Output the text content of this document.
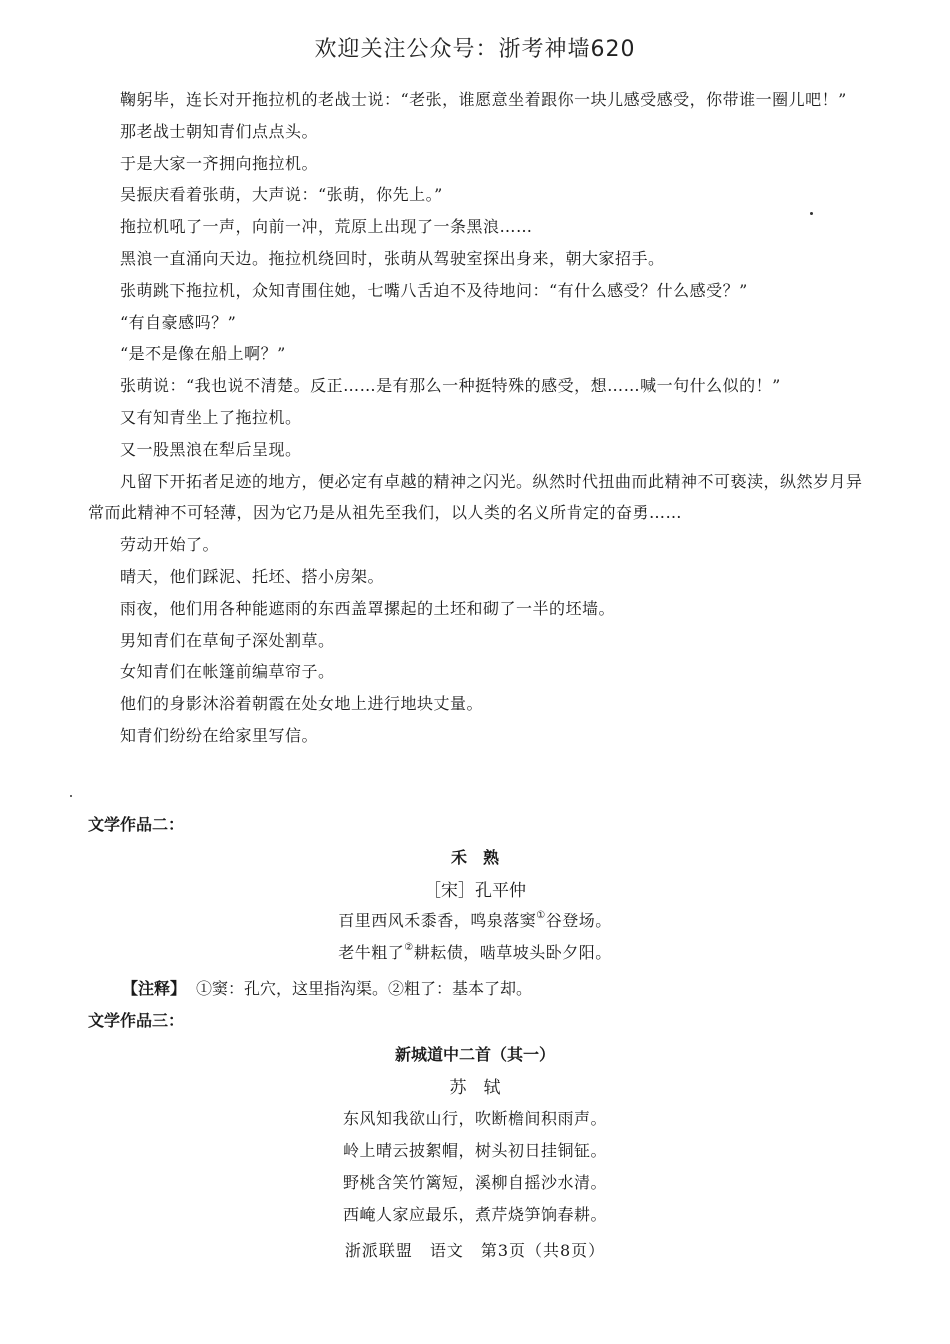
欢迎关注公众号：浙考神墙620

鞠躬毕，连长对开拖拉机的老战士说：“老张，谁愿意坐着跟你一块儿感受感受，你带谁一圈儿吧！”

那老战士朝知青们点点头。

于是大家一齐拥向拖拉机。

吴振庆看着张萌，大声说：“张萌，你先上。”

拖拉机吼了一声，向前一冲，荒原上出现了一条黑浪……

黑浪一直涌向天边。拖拉机绕回时，张萌从驾驶室探出身来，朝大家招手。

张萌跳下拖拉机，众知青围住她，七嘴八舌迫不及待地问：“有什么感受？什么感受？”

“有自豪感吗？”

“是不是像在船上啊？”

张萌说：“我也说不清楚。反正……是有那么一种挺特殊的感受，想……喊一句什么似的！”

又有知青坐上了拖拉机。

又一股黑浪在犁后呈现。

凡留下开拓者足迹的地方，便必定有卓越的精神之闪光。纵然时代扭曲而此精神不可亵渎，纵然岁月异常而此精神不可轻薄，因为它乃是从祖先至我们，以人类的名义所肯定的奋勇……

劳动开始了。

晴天，他们踩泥、托坯、搭小房架。

雨夜，他们用各种能遮雨的东西盖罩摞起的土坯和砌了一半的坯墙。

男知青们在草甸子深处割草。

女知青们在帐篷前编草帘子。

他们的身影沐浴着朝霞在处女地上进行地块丈量。

知青们纷纷在给家里写信。

文学作品二：
禾　熟
［宋］孔平仲
百里西风禾黍香，鸣泉落窦①谷登场。
老牛粗了②耕耘债，啮草坡头卧夕阳。
【注释】 ①窦：孔穴，这里指沟渠。②粗了：基本了却。
文学作品三：
新城道中二首（其一）
苏　轼
东风知我欲山行，吹断檐间积雨声。
岭上晴云披絮帽，树头初日挂铜钲。
野桃含笑竹篱短，溪柳自摇沙水清。
西崦人家应最乐，煮芹烧笋饷春耕。
浙派联盟　语文　第3页（共8页）
